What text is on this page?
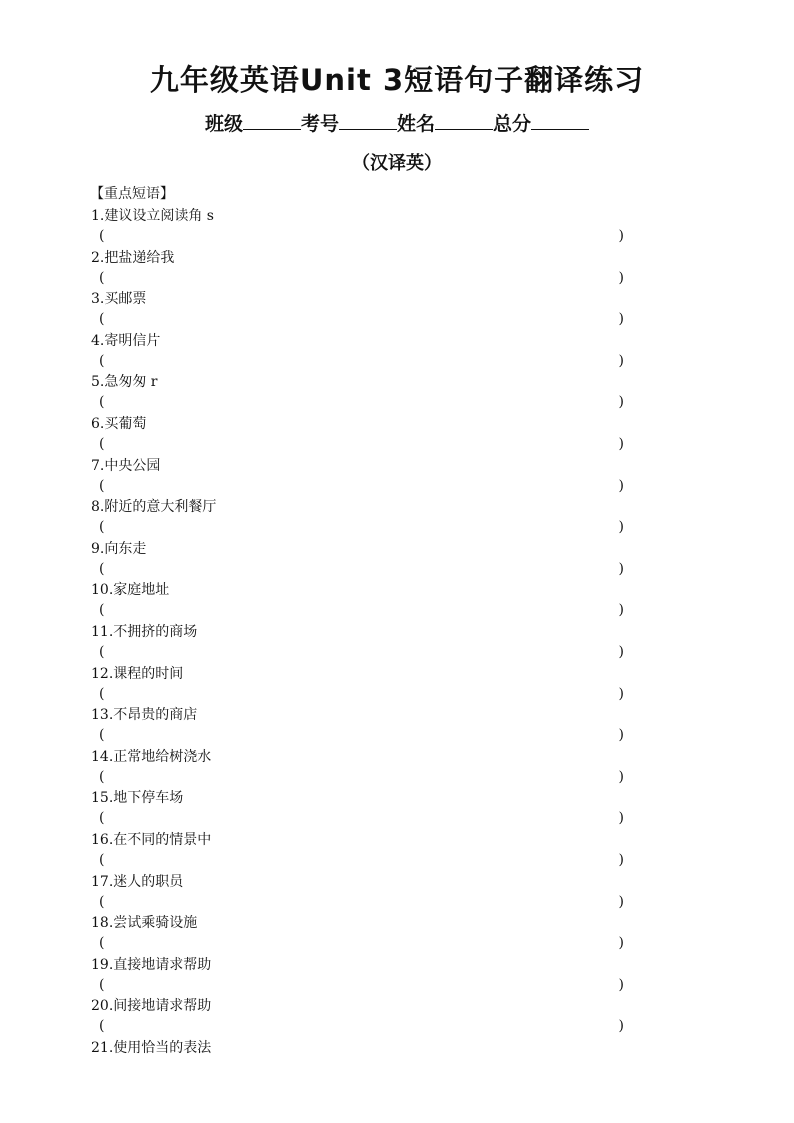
九年级英语Unit 3短语句子翻译练习
班级	考号	姓名	总分
（汉译英）
【重点短语】
1.建议设立阅读角 s
(	)
2.把盐递给我
(	)
3.买邮票
(	)
4.寄明信片
(	)
5.急匆匆 r
(	)
6.买葡萄
(	)
7.中央公园
(	)
8.附近的意大利餐厅
(	)
9.向东走
(	)
10.家庭地址
(	)
11.不拥挤的商场
(	)
12.课程的时间
(	)
13.不昂贵的商店
(	)
14.正常地给树浇水
(	)
15.地下停车场
(	)
16.在不同的情景中
(	)
17.迷人的职员
(	)
18.尝试乘骑设施
(	)
19.直接地请求帮助
(	)
20.间接地请求帮助
(	)
21.使用恰当的表法
